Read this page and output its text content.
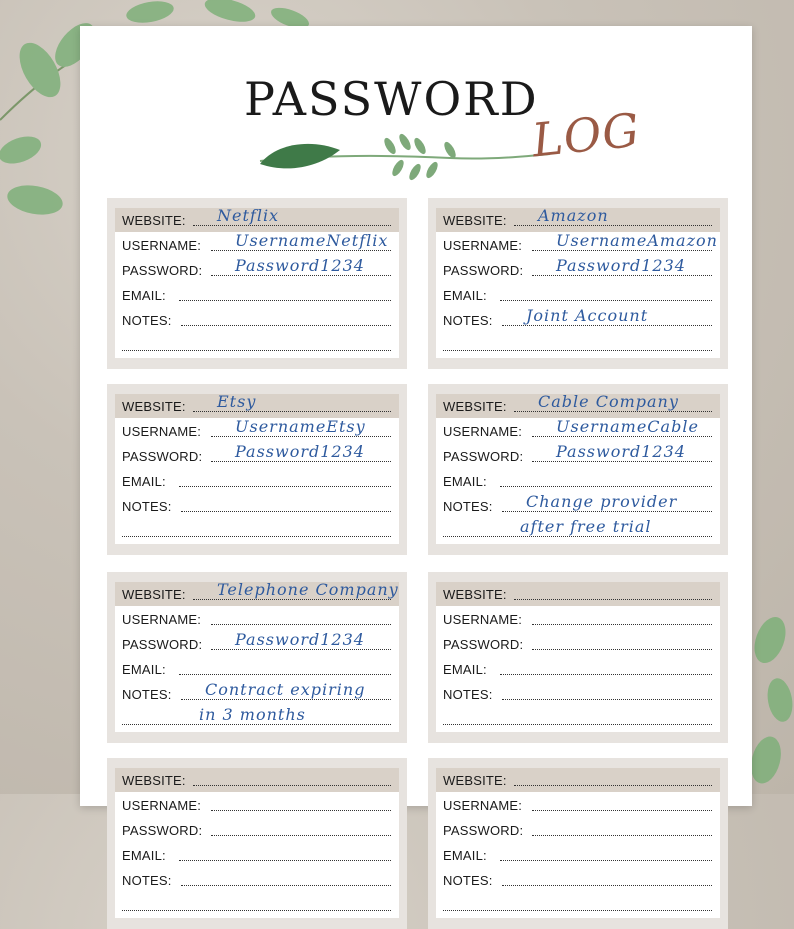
PASSWORD
LOG
WEBSITE: Netflix
USERNAME: UsernameNetflix
PASSWORD: Password1234
EMAIL:
NOTES:
WEBSITE: Amazon
USERNAME: UsernameAmazon
PASSWORD: Password1234
EMAIL:
NOTES: Joint Account
WEBSITE: Etsy
USERNAME: UsernameEtsy
PASSWORD: Password1234
EMAIL:
NOTES:
WEBSITE: Cable Company
USERNAME: UsernameCable
PASSWORD: Password1234
EMAIL:
NOTES: Change provider
after free trial
WEBSITE: Telephone Company
USERNAME:
PASSWORD: Password1234
EMAIL:
NOTES: Contract expiring
in 3 months
WEBSITE:
USERNAME:
PASSWORD:
EMAIL:
NOTES:
WEBSITE:
USERNAME:
PASSWORD:
EMAIL:
NOTES:
WEBSITE:
USERNAME:
PASSWORD:
EMAIL:
NOTES:
